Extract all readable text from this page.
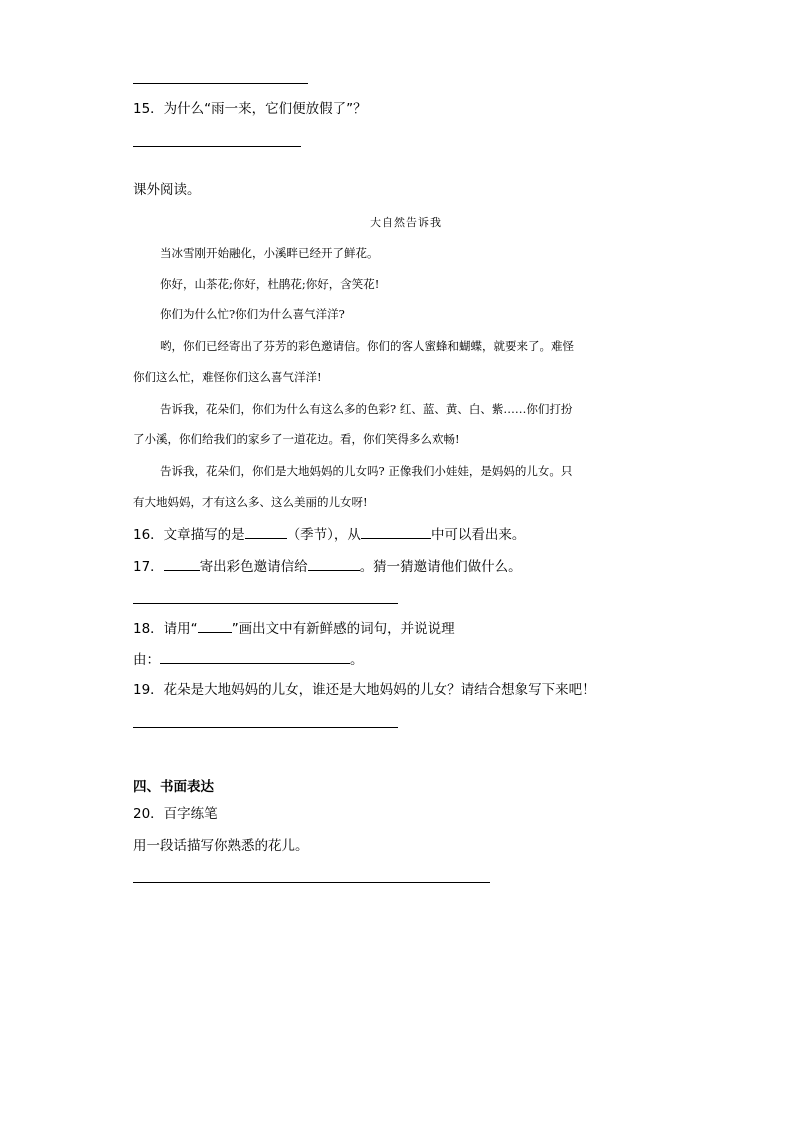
15．为什么“雨一来，它们便放假了”？
课外阅读。
大自然告诉我
当冰雪刚开始融化，小溪畔已经开了鲜花。
你好，山茶花;你好，杜鹃花;你好，含笑花!
你们为什么忙?你们为什么喜气洋洋?
哟，你们已经寄出了芬芳的彩色邀请信。你们的客人蜜蜂和蝴蝶，就要来了。难怪
你们这么忙，难怪你们这么喜气洋洋!
告诉我，花朵们，你们为什么有这么多的色彩? 红、蓝、黄、白、紫……你们打扮
了小溪，你们给我们的家乡了一道花边。看，你们笑得多么欢畅!
告诉我，花朵们，你们是大地妈妈的儿女吗? 正像我们小娃娃，是妈妈的儿女。只
有大地妈妈，才有这么多、这么美丽的儿女呀!
16．文章描写的是	（季节），从	中可以看出来。
17．	寄出彩色邀请信给	。猜一猜邀请他们做什么。
18．请用“	”画出文中有新鲜感的词句，并说说理
由：	。
19．花朵是大地妈妈的儿女，谁还是大地妈妈的儿女？请结合想象写下来吧！
四、书面表达
20．百字练笔
用一段话描写你熟悉的花儿。
